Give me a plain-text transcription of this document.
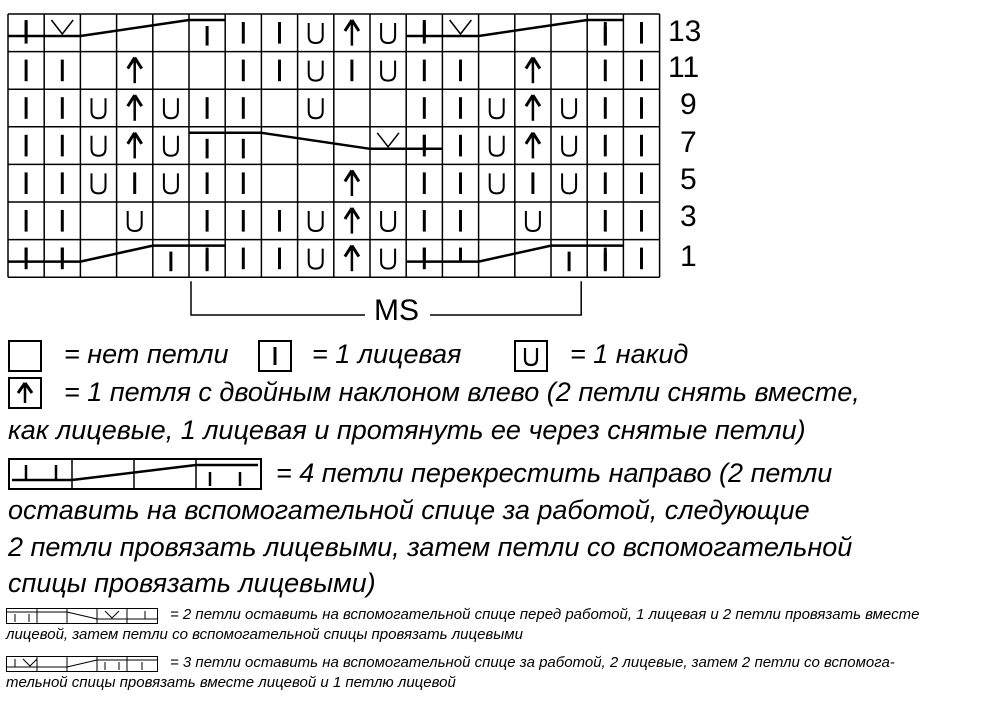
13
11
9
7
5
3
1
MS
= нет петли	= 1 лицевая	= 1 накид
= 1 петля с двойным наклоном влево (2 петли снять вместе,
как лицевые, 1 лицевая и протянуть ее через снятые петли)
= 4 петли перекрестить направо (2 петли
оставить на вспомогательной спице за работой, следующие
2 петли провязать лицевыми, затем петли со вспомогательной
спицы провязать лицевыми)
= 2 петли оставить на вспомогательной спице перед работой, 1 лицевая и 2 петли провязать вместе
лицевой, затем петли со вспомогательной спицы провязать лицевыми
= 3 петли оставить на вспомогательной спице за работой, 2 лицевые, затем 2 петли со вспомога-
тельной спицы провязать вместе лицевой и 1 петлю лицевой
